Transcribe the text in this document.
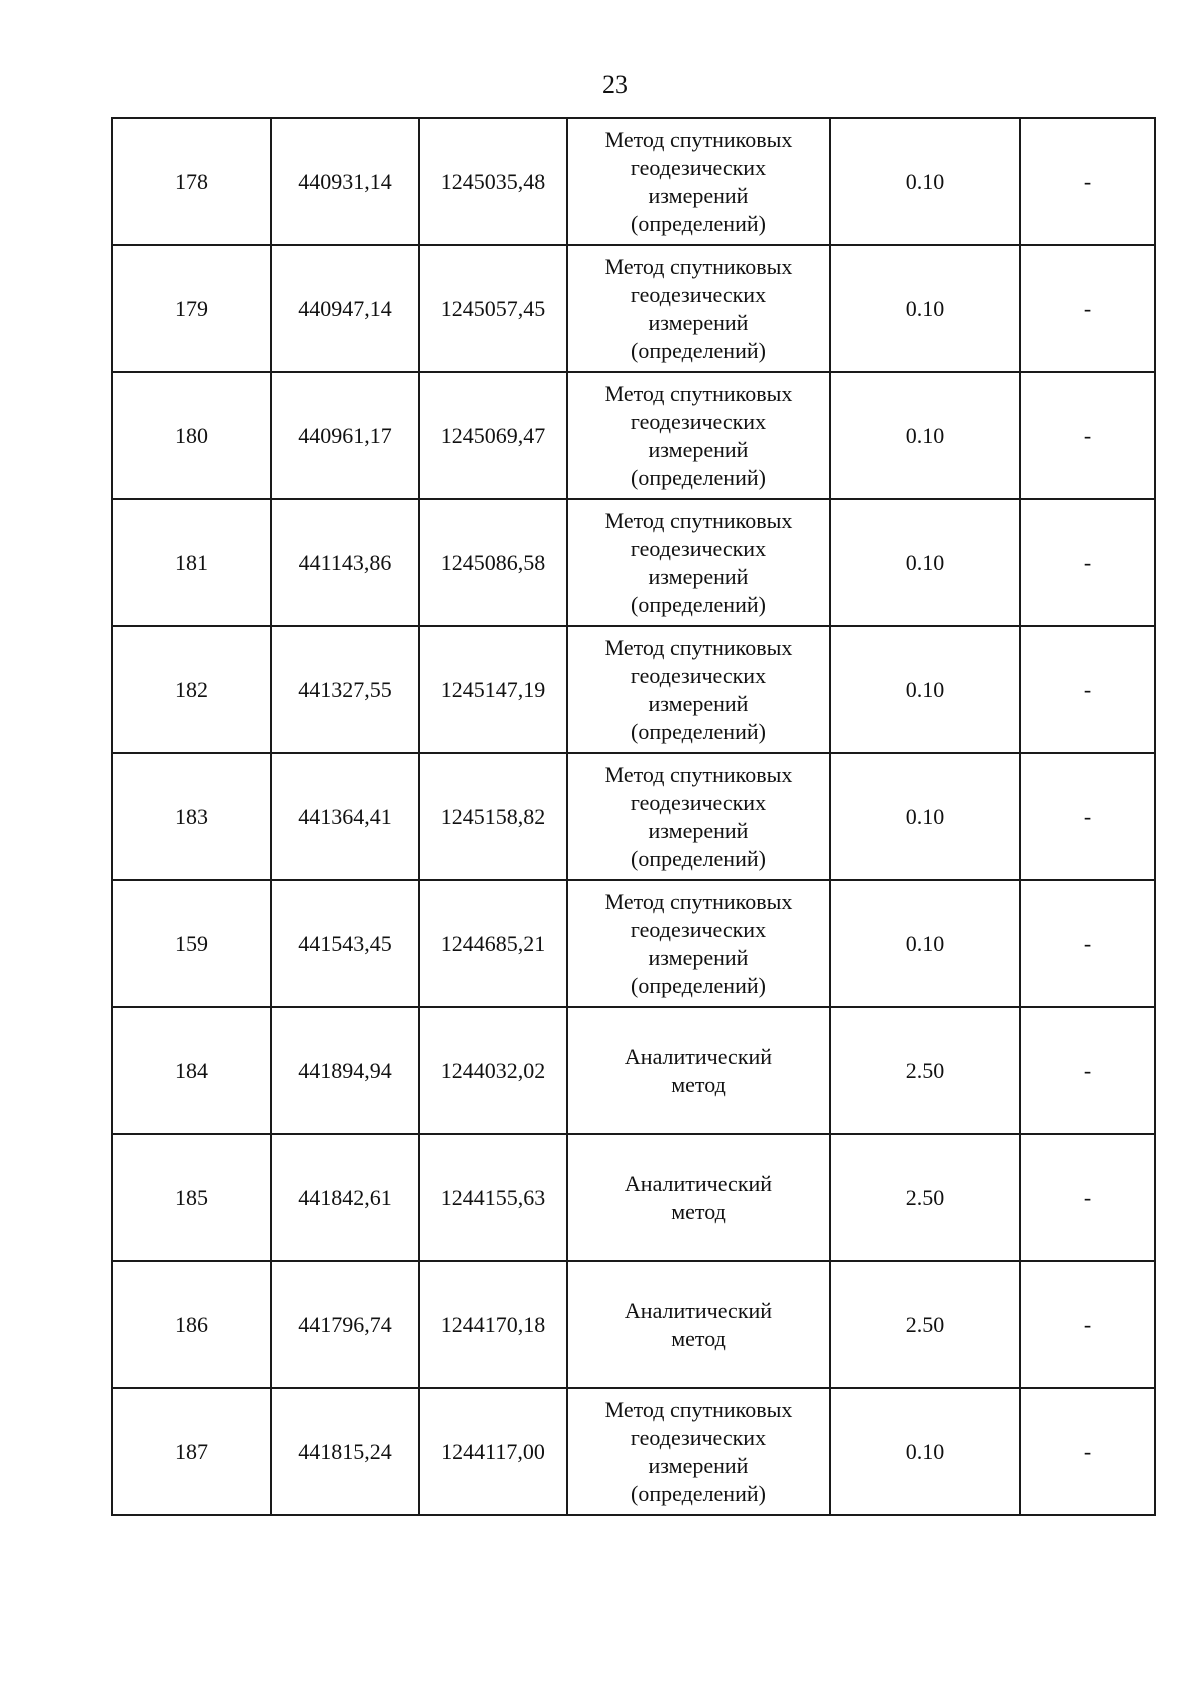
23
178	440931,14	1245035,48	Метод спутниковых
геодезических
измерений
(определений)	0.10	-
179	440947,14	1245057,45	Метод спутниковых
геодезических
измерений
(определений)	0.10	-
180	440961,17	1245069,47	Метод спутниковых
геодезических
измерений
(определений)	0.10	-
181	441143,86	1245086,58	Метод спутниковых
геодезических
измерений
(определений)	0.10	-
182	441327,55	1245147,19	Метод спутниковых
геодезических
измерений
(определений)	0.10	-
183	441364,41	1245158,82	Метод спутниковых
геодезических
измерений
(определений)	0.10	-
159	441543,45	1244685,21	Метод спутниковых
геодезических
измерений
(определений)	0.10	-
184	441894,94	1244032,02	Аналитический
метод	2.50	-
185	441842,61	1244155,63	Аналитический
метод	2.50	-
186	441796,74	1244170,18	Аналитический
метод	2.50	-
187	441815,24	1244117,00	Метод спутниковых
геодезических
измерений
(определений)	0.10	-
